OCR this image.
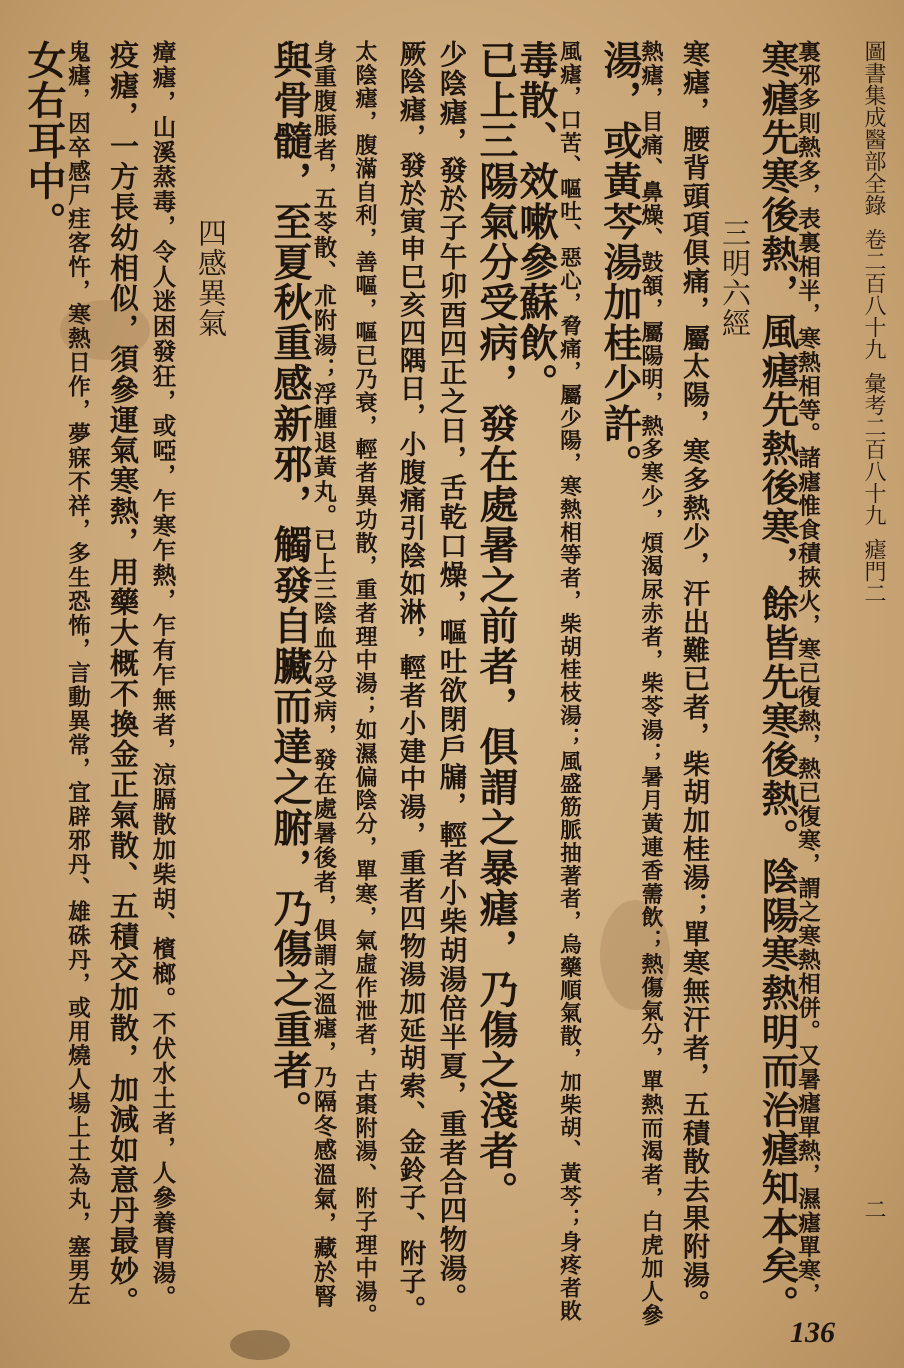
圖書集成醫部全錄卷二百八十九彙考二百八十九瘧門二
二
裏邪多則熱多，表裏相半，寒熱相等。諸瘧惟食積挾火，寒已復熱，熱已復寒，謂之寒熱相併。又暑瘧單熱，濕瘧單寒，
寒瘧先寒後熱，風瘧先熱後寒，餘皆先寒後熱。陰陽寒熱明而治瘧知本矣。
三明六經
寒瘧，腰背頭項俱痛，屬太陽，寒多熱少，汗出難已者，柴胡加桂湯；單寒無汗者，五積散去果附湯。
熱瘧，目痛、鼻燥、鼓頷，屬陽明，熱多寒少，煩渴尿赤者，柴苓湯；暑月黃連香薷飲；熱傷氣分，單熱而渴者，白虎加人參
湯，或黃芩湯加桂少許。
風瘧，口苦、嘔吐、惡心，脅痛，屬少陽，寒熱相等者，柴胡桂枝湯；風盛筋脈抽著者，烏藥順氣散，加柴胡、黃芩；身疼者敗
毒散、效嗽參蘇飲。
已上三陽氣分受病，發在處暑之前者，俱謂之暴瘧，乃傷之淺者。
少陰瘧，發於子午卯酉四正之日，舌乾口燥，嘔吐欲閉戶牖，輕者小柴胡湯倍半夏，重者合四物湯。
厥陰瘧，發於寅申巳亥四隅日，小腹痛引陰如淋，輕者小建中湯，重者四物湯加延胡索、金鈴子、附子。
太陰瘧，腹滿自利，善嘔，嘔已乃衰，輕者異功散，重者理中湯；如濕偏陰分，單寒，氣虛作泄者，古棗附湯、附子理中湯。
身重腹脹者，五苓散、朮附湯；浮腫退黃丸。已上三陰血分受病，發在處暑後者，俱謂之溫瘧，乃隔冬感溫氣，藏於腎
與骨髓，至夏秋重感新邪，觸發自臟而達之腑，乃傷之重者。
四感異氣
瘴瘧，山溪蒸毒，令人迷困發狂，或啞，乍寒乍熱，乍有乍無者，涼膈散加柴胡、檳榔。不伏水土者，人參養胃湯。
疫瘧，一方長幼相似，須參運氣寒熱，用藥大概不換金正氣散、五積交加散，加減如意丹最妙。
鬼瘧，因卒感尸疰客忤，寒熱日作，夢寐不祥，多生恐怖，言動異常，宜辟邪丹、雄硃丹，或用燒人場上土為丸，塞男左
女右耳中。
136
